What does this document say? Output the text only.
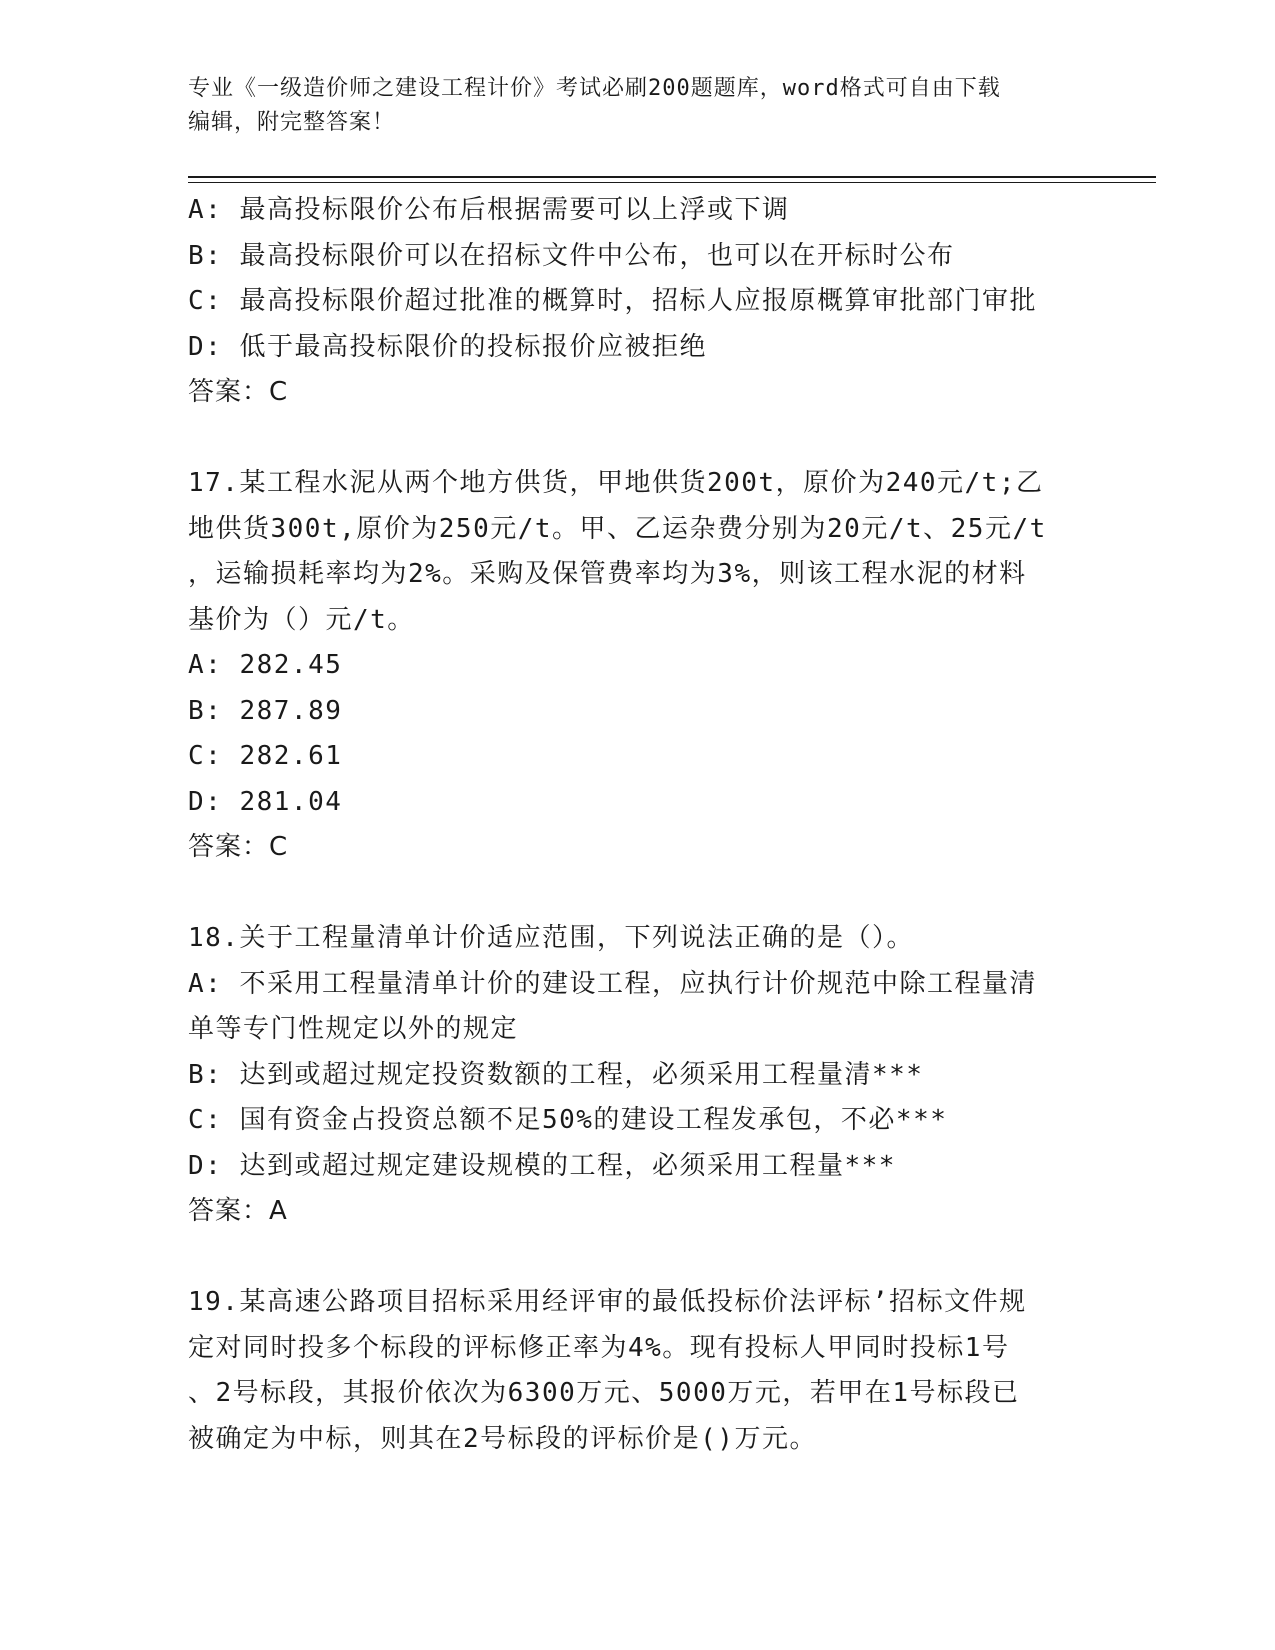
专业《一级造价师之建设工程计价》考试必刷200题题库，word格式可自由下载
编辑，附完整答案！
A: 最高投标限价公布后根据需要可以上浮或下调
B: 最高投标限价可以在招标文件中公布，也可以在开标时公布
C: 最高投标限价超过批准的概算时，招标人应报原概算审批部门审批
D: 低于最高投标限价的投标报价应被拒绝
答案：C
17.某工程水泥从两个地方供货，甲地供货200t，原价为240元/t;乙
地供货300t,原价为250元/t。甲、乙运杂费分别为20元/t、25元/t
，运输损耗率均为2%。采购及保管费率均为3%，则该工程水泥的材料
基价为（）元/t。
A: 282.45
B: 287.89
C: 282.61
D: 281.04
答案：C
18.关于工程量清单计价适应范围，下列说法正确的是（）。
A: 不采用工程量清单计价的建设工程，应执行计价规范中除工程量清
单等专门性规定以外的规定
B: 达到或超过规定投资数额的工程，必须采用工程量清***
C: 国有资金占投资总额不足50%的建设工程发承包，不必***
D: 达到或超过规定建设规模的工程，必须采用工程量***
答案：A
19.某高速公路项目招标采用经评审的最低投标价法评标’招标文件规
定对同时投多个标段的评标修正率为4%。现有投标人甲同时投标1号
、2号标段，其报价依次为6300万元、5000万元，若甲在1号标段已
被确定为中标，则其在2号标段的评标价是()万元。
